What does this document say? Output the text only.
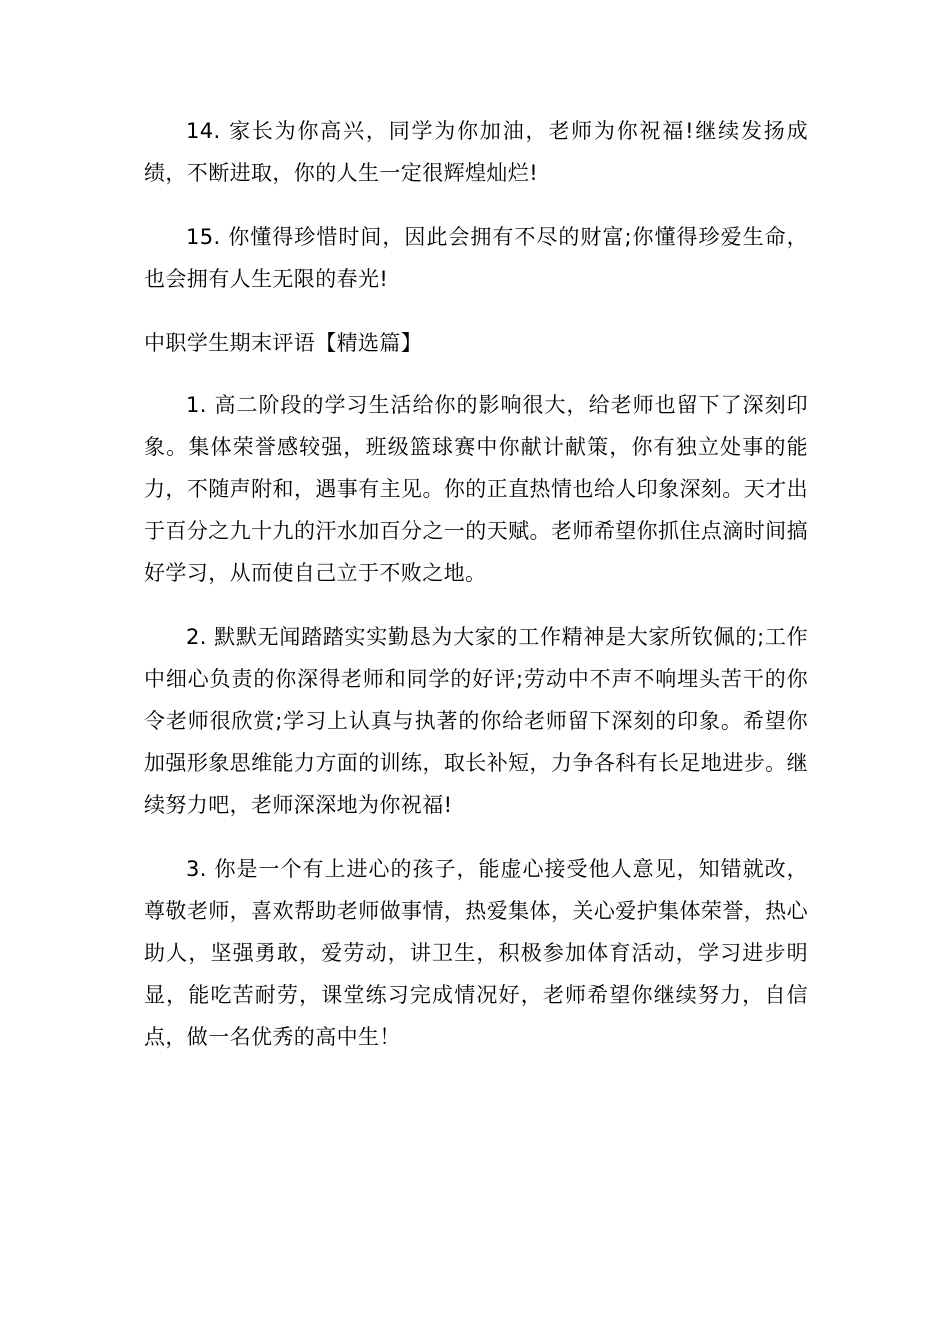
14. 家长为你高兴，同学为你加油，老师为你祝福!继续发扬成绩，不断进取，你的人生一定很辉煌灿烂!

15. 你懂得珍惜时间，因此会拥有不尽的财富;你懂得珍爱生命，也会拥有人生无限的春光!

中职学生期末评语【精选篇】

1. 高二阶段的学习生活给你的影响很大，给老师也留下了深刻印象。集体荣誉感较强，班级篮球赛中你献计献策，你有独立处事的能力，不随声附和，遇事有主见。你的正直热情也给人印象深刻。天才出于百分之九十九的汗水加百分之一的天赋。老师希望你抓住点滴时间搞好学习，从而使自己立于不败之地。

2. 默默无闻踏踏实实勤恳为大家的工作精神是大家所钦佩的;工作中细心负责的你深得老师和同学的好评;劳动中不声不响埋头苦干的你令老师很欣赏;学习上认真与执著的你给老师留下深刻的印象。希望你加强形象思维能力方面的训练，取长补短，力争各科有长足地进步。继续努力吧，老师深深地为你祝福!

3. 你是一个有上进心的孩子，能虚心接受他人意见，知错就改，尊敬老师，喜欢帮助老师做事情，热爱集体，关心爱护集体荣誉，热心助人，坚强勇敢，爱劳动，讲卫生，积极参加体育活动，学习进步明显，能吃苦耐劳，课堂练习完成情况好，老师希望你继续努力，自信点，做一名优秀的高中生！
